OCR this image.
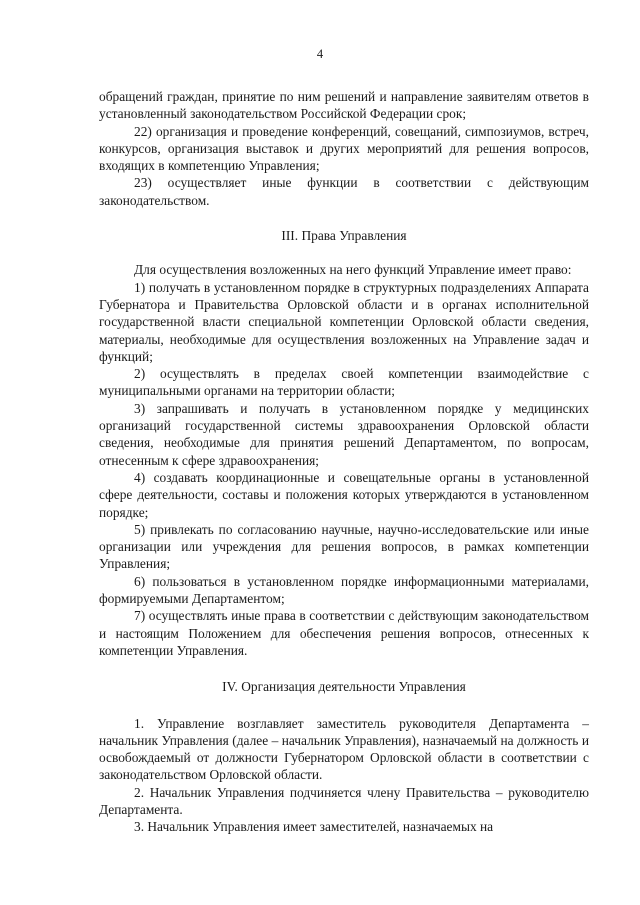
4

обращений граждан, принятие по ним решений и направление заявителям ответов в установленный законодательством Российской Федерации срок;

22) организация и проведение конференций, совещаний, симпозиумов, встреч, конкурсов, организация выставок и других мероприятий для решения вопросов, входящих в компетенцию Управления;

23) осуществляет иные функции в соответствии с действующим законодательством.

III. Права Управления

Для осуществления возложенных на него функций Управление имеет право:

1) получать в установленном порядке в структурных подразделениях Аппарата Губернатора и Правительства Орловской области и в органах исполнительной государственной власти специальной компетенции Орловской области сведения, материалы, необходимые для осуществления возложенных на Управление задач и функций;

2) осуществлять в пределах своей компетенции взаимодействие с муниципальными органами на территории области;

3) запрашивать и получать в установленном порядке у медицинских организаций государственной системы здравоохранения Орловской области сведения, необходимые для принятия решений Департаментом, по вопросам, отнесенным к сфере здравоохранения;

4) создавать координационные и совещательные органы в установленной сфере деятельности, составы и положения которых утверждаются в установленном порядке;

5) привлекать по согласованию научные, научно-исследовательские или иные организации или учреждения для решения вопросов, в рамках компетенции Управления;

6) пользоваться в установленном порядке информационными материалами, формируемыми Департаментом;

7) осуществлять иные права в соответствии с действующим законодательством и настоящим Положением для обеспечения решения вопросов, отнесенных к компетенции Управления.

IV. Организация деятельности Управления

1. Управление возглавляет заместитель руководителя Департамента – начальник Управления (далее – начальник Управления), назначаемый на должность и освобождаемый от должности Губернатором Орловской области в соответствии с законодательством Орловской области.

2. Начальник Управления подчиняется члену Правительства – руководителю Департамента.

3. Начальник Управления имеет заместителей, назначаемых на
